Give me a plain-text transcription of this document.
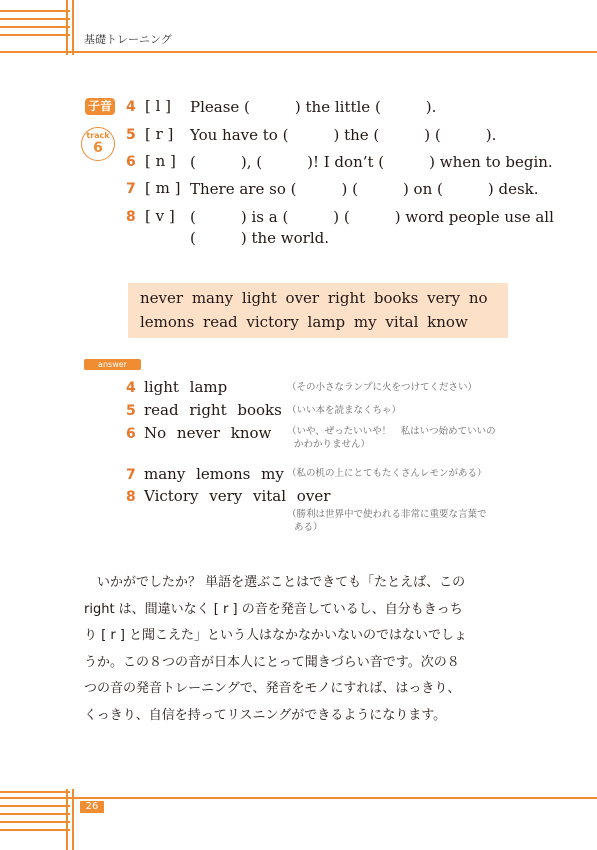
基礎トレーニング
子音
track
6
4 [ l ] Please (　　　) the little (　　　).
5 [ r ] You have to (　　　) the (　　　) (　　　).
6 [ n ] (　　　), (　　　)! I don’t (　　　) when to begin.
7 [ m ] There are so (　　　) (　　　) on (　　　) desk.
8 [ v ] (　　　) is a (　　　) (　　　) word people use all
(　　　) the world.
never many light over right books very no
lemons read victory lamp my vital know
answer
4 light lamp	（その小さなランプに火をつけてください）
5 read right books （いい本を読まなくちゃ）
6 No never know （いや、ぜったいいや！　私はいつ始めていいの
かわかりません）
7 many lemons my （私の机の上にとてもたくさんレモンがある）
8 Victory very vital over
（勝利は世界中で使われる非常に重要な言葉で
ある）

　いかがでしたか？ 単語を選ぶことはできても「たとえば、この

right は、間違いなく [ r ] の音を発音しているし、自分もきっち

り [ r ] と聞こえた」という人はなかなかいないのではないでしょ

うか。この８つの音が日本人にとって聞きづらい音です。次の８

つの音の発音トレーニングで、発音をモノにすれば、はっきり、

くっきり、自信を持ってリスニングができるようになります。

26
